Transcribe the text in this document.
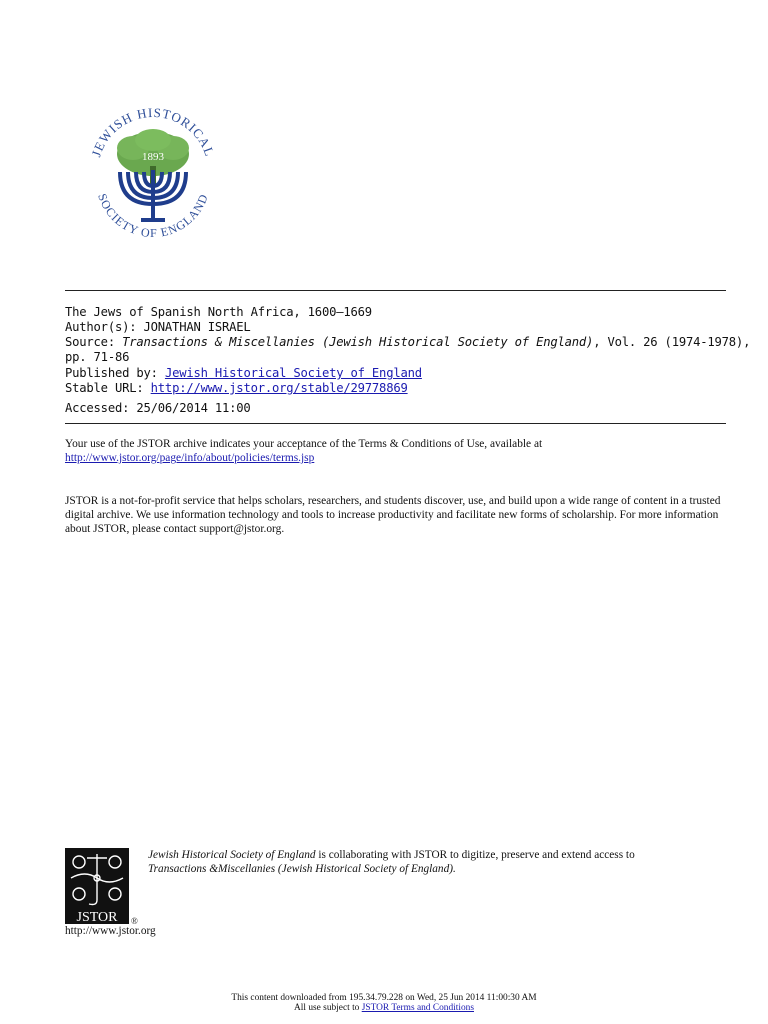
JEWISH HISTORICAL
SOCIETY OF ENGLAND
1893
The Jews of Spanish North Africa, 1600—1669
Author(s): JONATHAN ISRAEL
Source: Transactions & Miscellanies (Jewish Historical Society of England), Vol. 26 (1974-1978),
pp. 71-86
Published by: Jewish Historical Society of England
Stable URL: http://www.jstor.org/stable/29778869
Accessed: 25/06/2014 11:00
Your use of the JSTOR archive indicates your acceptance of the Terms & Conditions of Use, available at
http://www.jstor.org/page/info/about/policies/terms.jsp
JSTOR is a not-for-profit service that helps scholars, researchers, and students discover, use, and build upon a wide range of content in a trusted digital archive. We use information technology and tools to increase productivity and facilitate new forms of scholarship. For more information about JSTOR, please contact support@jstor.org.
JSTOR ®
Jewish Historical Society of England is collaborating with JSTOR to digitize, preserve and extend access to
Transactions &Miscellanies (Jewish Historical Society of England).
http://www.jstor.org
This content downloaded from 195.34.79.228 on Wed, 25 Jun 2014 11:00:30 AM
All use subject to JSTOR Terms and Conditions
